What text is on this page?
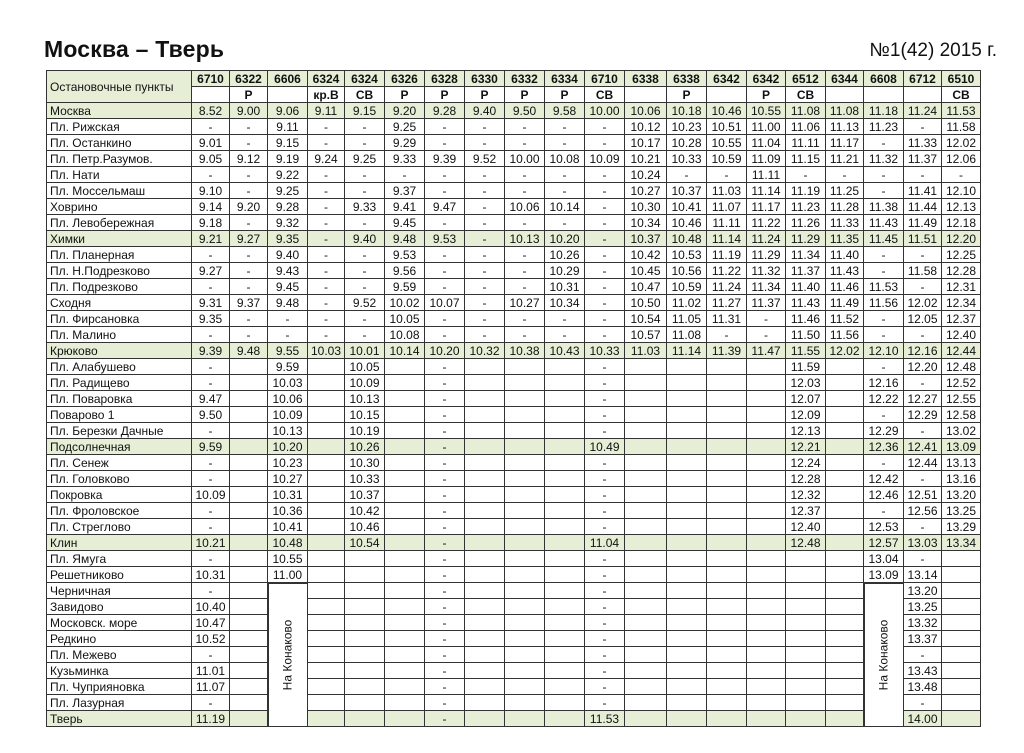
Москва – Тверь	№1(42) 2015 г.
Остановочные пункты	6710	6322	6606	6324	6324	6326	6328	6330	6332	6334	6710	6338	6338	6342	6342	6512	6344	6608	6712	6510
		Р		кр.В	СВ	Р	Р	Р	Р	Р	СВ		Р		Р	СВ				СВ
Москва	8.52	9.00	9.06	9.11	9.15	9.20	9.28	9.40	9.50	9.58	10.00	10.06	10.18	10.46	10.55	11.08	11.08	11.18	11.24	11.53
Пл. Рижская	-	-	9.11	-	-	9.25	-	-	-	-	-	10.12	10.23	10.51	11.00	11.06	11.13	11.23	-	11.58
Пл. Останкино	9.01	-	9.15	-	-	9.29	-	-	-	-	-	10.17	10.28	10.55	11.04	11.11	11.17	-	11.33	12.02
Пл. Петр.Разумов.	9.05	9.12	9.19	9.24	9.25	9.33	9.39	9.52	10.00	10.08	10.09	10.21	10.33	10.59	11.09	11.15	11.21	11.32	11.37	12.06
Пл. Нати	-	-	9.22	-	-	-	-	-	-	-	-	10.24	-	-	11.11	-	-	-	-	-
Пл. Моссельмаш	9.10	-	9.25	-	-	9.37	-	-	-	-	-	10.27	10.37	11.03	11.14	11.19	11.25	-	11.41	12.10
Ховрино	9.14	9.20	9.28	-	9.33	9.41	9.47	-	10.06	10.14	-	10.30	10.41	11.07	11.17	11.23	11.28	11.38	11.44	12.13
Пл. Левобережная	9.18	-	9.32	-	-	9.45	-	-	-	-	-	10.34	10.46	11.11	11.22	11.26	11.33	11.43	11.49	12.18
Химки	9.21	9.27	9.35	-	9.40	9.48	9.53	-	10.13	10.20	-	10.37	10.48	11.14	11.24	11.29	11.35	11.45	11.51	12.20
Пл. Планерная	-	-	9.40	-	-	9.53	-	-	-	10.26	-	10.42	10.53	11.19	11.29	11.34	11.40	-	-	12.25
Пл. Н.Подрезково	9.27	-	9.43	-	-	9.56	-	-	-	10.29	-	10.45	10.56	11.22	11.32	11.37	11.43	-	11.58	12.28
Пл. Подрезково	-	-	9.45	-	-	9.59	-	-	-	10.31	-	10.47	10.59	11.24	11.34	11.40	11.46	11.53	-	12.31
Сходня	9.31	9.37	9.48	-	9.52	10.02	10.07	-	10.27	10.34	-	10.50	11.02	11.27	11.37	11.43	11.49	11.56	12.02	12.34
Пл. Фирсановка	9.35	-	-	-	-	10.05	-	-	-	-	-	10.54	11.05	11.31	-	11.46	11.52	-	12.05	12.37
Пл. Малино	-	-	-	-	-	10.08	-	-	-	-	-	10.57	11.08	-	-	11.50	11.56	-	-	12.40
Крюково	9.39	9.48	9.55	10.03	10.01	10.14	10.20	10.32	10.38	10.43	10.33	11.03	11.14	11.39	11.47	11.55	12.02	12.10	12.16	12.44
Пл. Алабушево	-		9.59		10.05		-				-					11.59		-	12.20	12.48
Пл. Радищево	-		10.03		10.09		-				-					12.03		12.16	-	12.52
Пл. Поваровка	9.47		10.06		10.13		-				-					12.07		12.22	12.27	12.55
Поварово 1	9.50		10.09		10.15		-				-					12.09		-	12.29	12.58
Пл. Березки Дачные	-		10.13		10.19		-				-					12.13		12.29	-	13.02
Подсолнечная	9.59		10.20		10.26		-				10.49					12.21		12.36	12.41	13.09
Пл. Сенеж	-		10.23		10.30		-				-					12.24		-	12.44	13.13
Пл. Головково	-		10.27		10.33		-				-					12.28		12.42	-	13.16
Покровка	10.09		10.31		10.37		-				-					12.32		12.46	12.51	13.20
Пл. Фроловское	-		10.36		10.42		-				-					12.37		-	12.56	13.25
Пл. Стреглово	-		10.41		10.46		-				-					12.40		12.53	-	13.29
Клин	10.21		10.48		10.54		-				11.04					12.48		12.57	13.03	13.34
Пл. Ямуга	-		10.55				-				-							13.04	-	
Решетниково	10.31		11.00				-				-							13.09	13.14	
Черничная	-						-				-								13.20	
Завидово	10.40						-				-								13.25	
Московск. море	10.47						-				-								13.32	
Редкино	10.52						-				-								13.37	
Пл. Межево	-						-				-								-	
Кузьминка	11.01						-				-								13.43	
Пл. Чуприяновка	11.07						-				-								13.48	
Пл. Лазурная	-						-				-								-	
Тверь	11.19						-				11.53								14.00	
На Конаково	На Конаково
